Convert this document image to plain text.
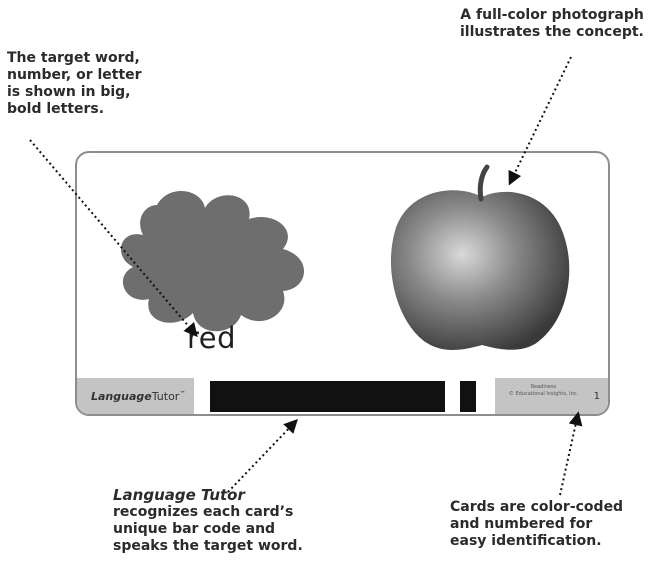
The target word,
number, or letter
is shown in big,
bold letters.
A full-color photograph
illustrates the concept.
red
LanguageTutor™
Readiness
© Educational Insights, Inc.	1
Language Tutor
recognizes each card’s
unique bar code and
speaks the target word.
Cards are color-coded
and numbered for
easy identification.
